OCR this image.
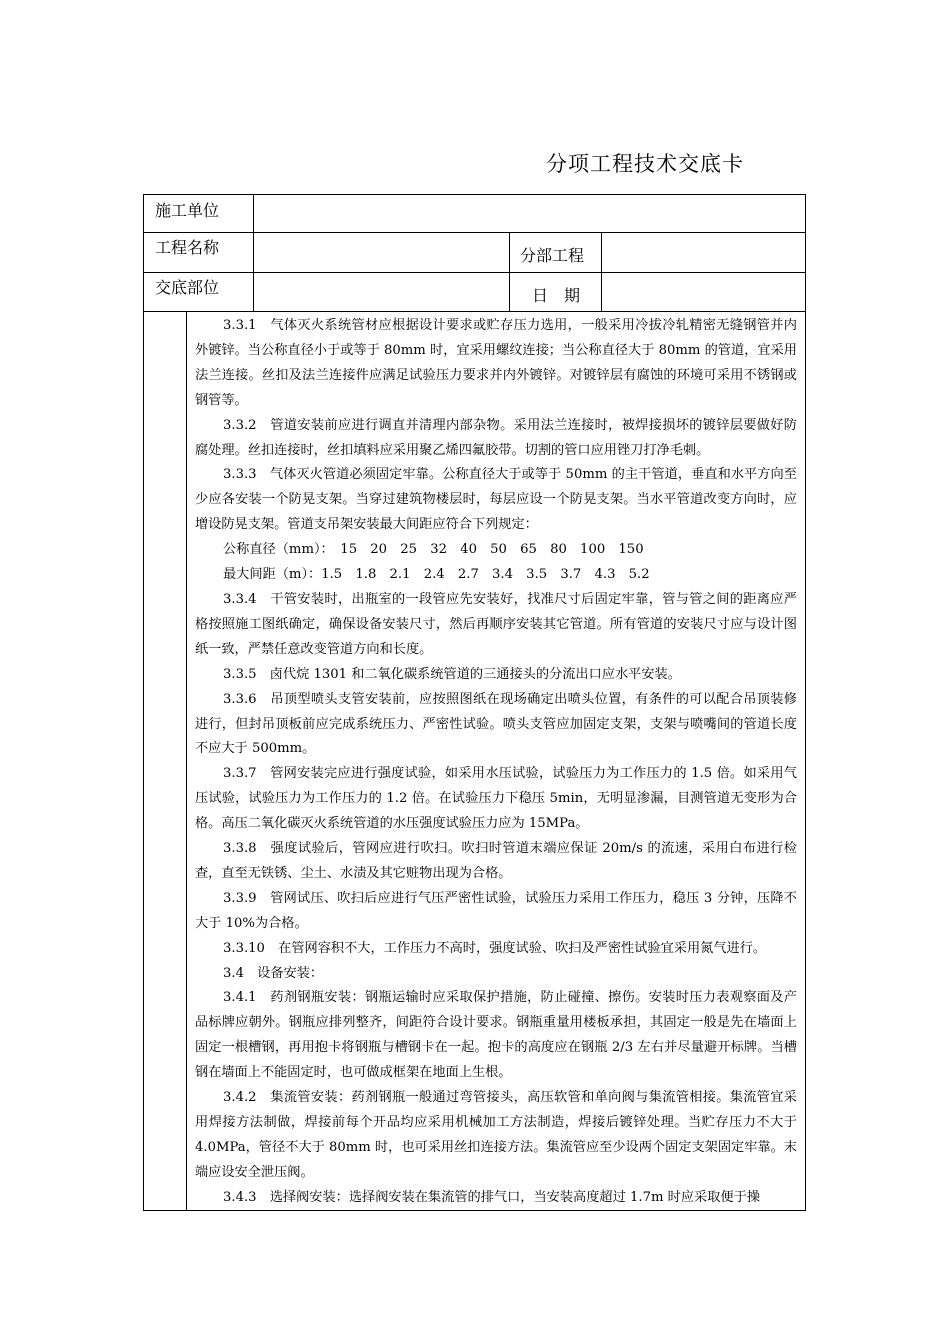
分项工程技术交底卡
施工单位
工程名称	分部工程
交底部位	日　期

3.3.1　气体灭火系统管材应根据设计要求或贮存压力选用，一般采用冷拔冷轧精密无缝钢管并内外镀锌。当公称直径小于或等于 80mm 时，宜采用螺纹连接；当公称直径大于 80mm 的管道，宜采用法兰连接。丝扣及法兰连接件应满足试验压力要求并内外镀锌。对镀锌层有腐蚀的环境可采用不锈钢或钢管等。

3.3.2　管道安装前应进行调直并清理内部杂物。采用法兰连接时，被焊接损坏的镀锌层要做好防腐处理。丝扣连接时，丝扣填料应采用聚乙烯四氟胶带。切割的管口应用锉刀打净毛刺。

3.3.3　气体灭火管道必须固定牢靠。公称直径大于或等于 50mm 的主干管道，垂直和水平方向至少应各安装一个防晃支架。当穿过建筑物楼层时，每层应设一个防晃支架。当水平管道改变方向时，应增设防晃支架。管道支吊架安装最大间距应符合下列规定：

公称直径（mm）：　15　20　25　32　40　50　65　80　100　150

最大间距（m）：1.5　1.8　2.1　2.4　2.7　3.4　3.5　3.7　4.3　5.2

3.3.4　干管安装时，出瓶室的一段管应先安装好，找准尺寸后固定牢靠，管与管之间的距离应严格按照施工图纸确定，确保设备安装尺寸，然后再顺序安装其它管道。所有管道的安装尺寸应与设计图纸一致，严禁任意改变管道方向和长度。

3.3.5　卤代烷 1301 和二氧化碳系统管道的三通接头的分流出口应水平安装。

3.3.6　吊顶型喷头支管安装前，应按照图纸在现场确定出喷头位置，有条件的可以配合吊顶装修进行，但封吊顶板前应完成系统压力、严密性试验。喷头支管应加固定支架，支架与喷嘴间的管道长度不应大于 500mm。

3.3.7　管网安装完应进行强度试验，如采用水压试验，试验压力为工作压力的 1.5 倍。如采用气压试验，试验压力为工作压力的 1.2 倍。在试验压力下稳压 5min，无明显渗漏，目测管道无变形为合格。高压二氧化碳灭火系统管道的水压强度试验压力应为 15MPa。

3.3.8　强度试验后，管网应进行吹扫。吹扫时管道末端应保证 20m/s 的流速，采用白布进行检查，直至无铁锈、尘土、水渍及其它赃物出现为合格。

3.3.9　管网试压、吹扫后应进行气压严密性试验，试验压力采用工作压力，稳压 3 分钟，压降不大于 10%为合格。

3.3.10　在管网容积不大，工作压力不高时，强度试验、吹扫及严密性试验宜采用氮气进行。

3.4　设备安装：

3.4.1　药剂钢瓶安装：钢瓶运输时应采取保护措施，防止碰撞、擦伤。安装时压力表观察面及产品标牌应朝外。钢瓶应排列整齐，间距符合设计要求。钢瓶重量用楼板承担，其固定一般是先在墙面上固定一根槽钢，再用抱卡将钢瓶与槽钢卡在一起。抱卡的高度应在钢瓶 2/3 左右并尽量避开标牌。当槽钢在墙面上不能固定时，也可做成框架在地面上生根。

3.4.2　集流管安装：药剂钢瓶一般通过弯管接头，高压软管和单向阀与集流管相接。集流管宜采用焊接方法制做，焊接前每个开品均应采用机械加工方法制造，焊接后镀锌处理。当贮存压力不大于 4.0MPa，管径不大于 80mm 时，也可采用丝扣连接方法。集流管应至少设两个固定支架固定牢靠。末端应设安全泄压阀。

3.4.3　选择阀安装：选择阀安装在集流管的排气口，当安装高度超过 1.7m 时应采取便于操
